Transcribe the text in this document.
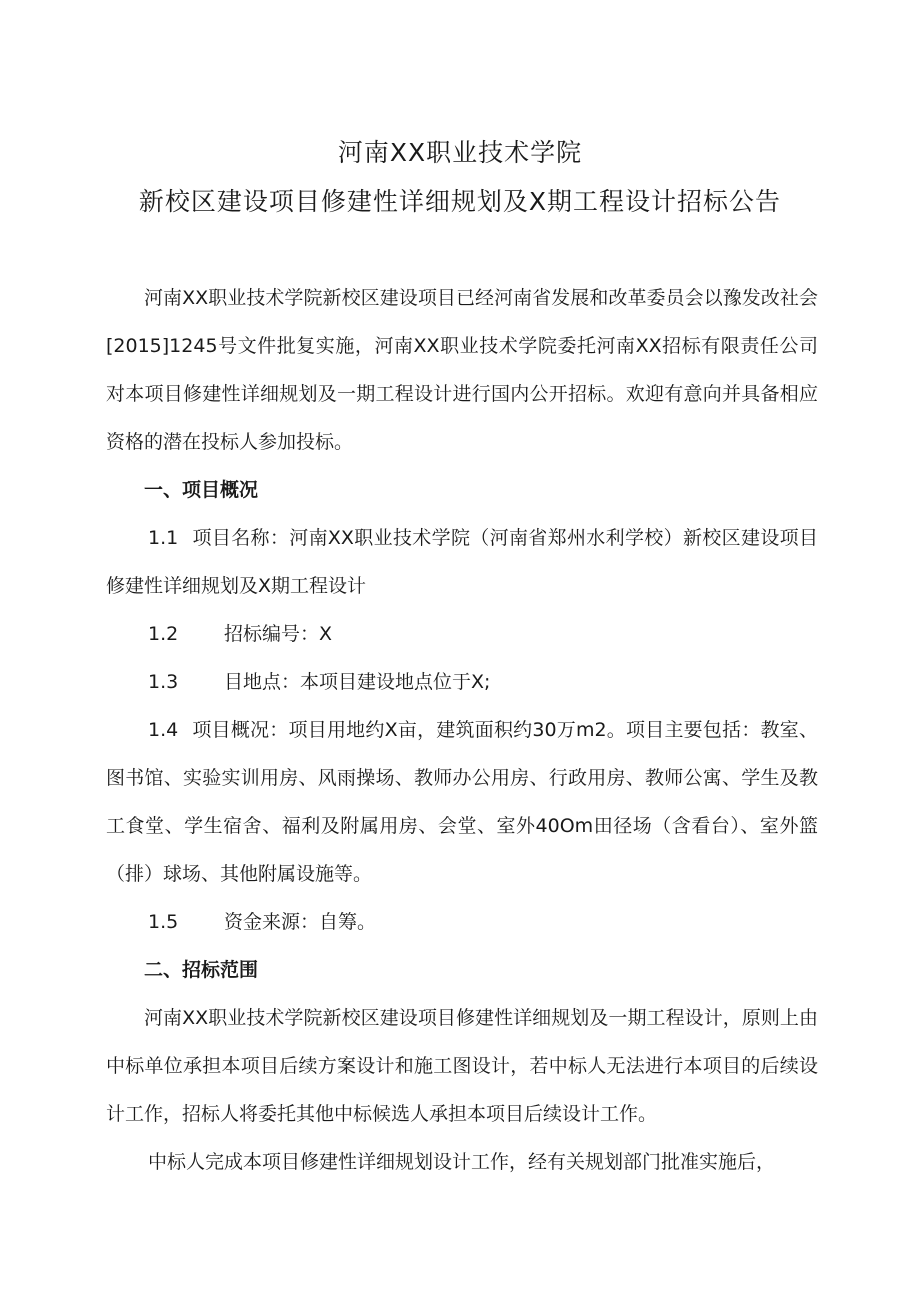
河南XX职业技术学院
新校区建设项目修建性详细规划及X期工程设计招标公告

河南XX职业技术学院新校区建设项目已经河南省发展和改革委员会以豫发改社会[2015]1245号文件批复实施，河南XX职业技术学院委托河南XX招标有限责任公司对本项目修建性详细规划及一期工程设计进行国内公开招标。欢迎有意向并具备相应资格的潜在投标人参加投标。

一、项目概况

1.1 项目名称：河南XX职业技术学院（河南省郑州水利学校）新校区建设项目修建性详细规划及X期工程设计

1.2	招标编号：X

1.3	目地点：本项目建设地点位于X;

1.4 项目概况：项目用地约X亩，建筑面积约30万m2。项目主要包括：教室、图书馆、实验实训用房、风雨操场、教师办公用房、行政用房、教师公寓、学生及教工食堂、学生宿舍、福利及附属用房、会堂、室外40Om田径场（含看台）、室外篮（排）球场、其他附属设施等。

1.5	资金来源：自筹。

二、招标范围

河南XX职业技术学院新校区建设项目修建性详细规划及一期工程设计，原则上由中标单位承担本项目后续方案设计和施工图设计，若中标人无法进行本项目的后续设计工作，招标人将委托其他中标候选人承担本项目后续设计工作。

中标人完成本项目修建性详细规划设计工作，经有关规划部门批准实施后，
